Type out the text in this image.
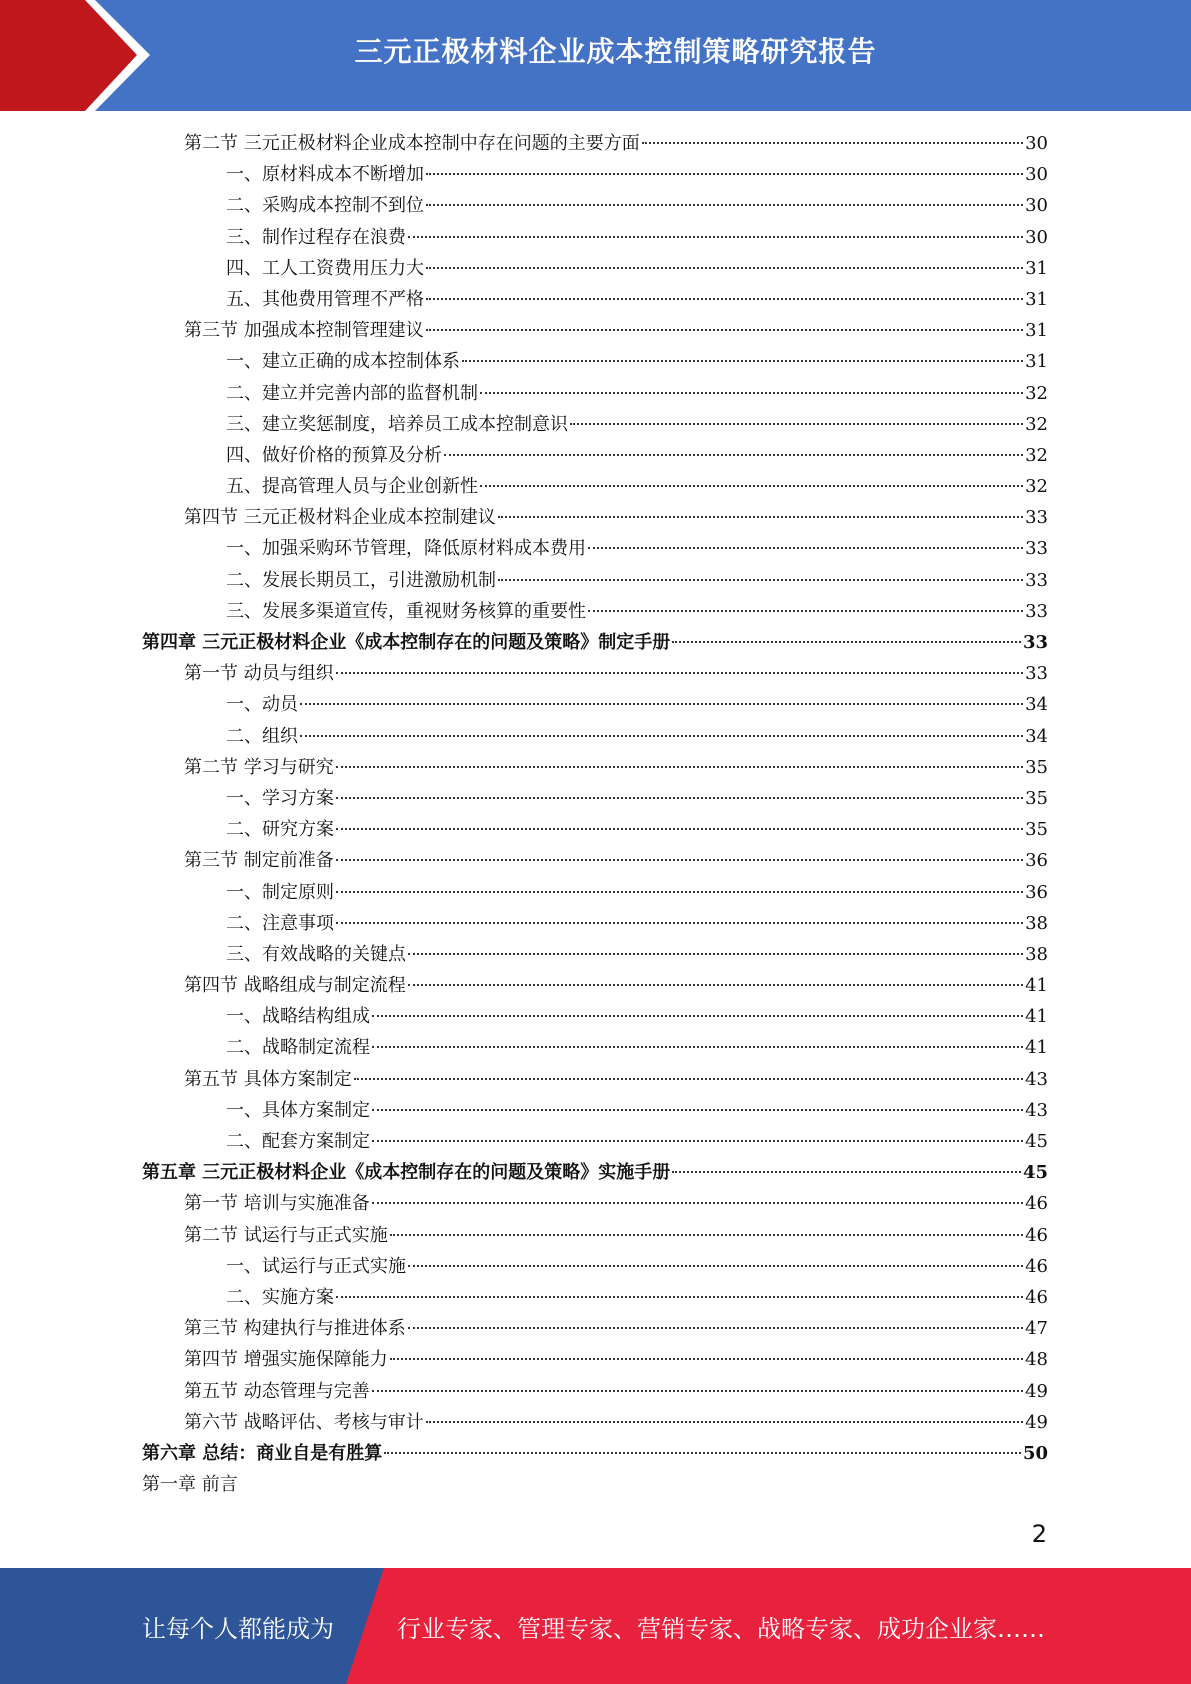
三元正极材料企业成本控制策略研究报告
第二节 三元正极材料企业成本控制中存在问题的主要方面	30
一、原材料成本不断增加	30
二、采购成本控制不到位	30
三、制作过程存在浪费	30
四、工人工资费用压力大	31
五、其他费用管理不严格	31
第三节 加强成本控制管理建议	31
一、建立正确的成本控制体系	31
二、建立并完善内部的监督机制	32
三、建立奖惩制度，培养员工成本控制意识	32
四、做好价格的预算及分析	32
五、提高管理人员与企业创新性	32
第四节 三元正极材料企业成本控制建议	33
一、加强采购环节管理，降低原材料成本费用	33
二、发展长期员工，引进激励机制	33
三、发展多渠道宣传，重视财务核算的重要性	33
第四章 三元正极材料企业《成本控制存在的问题及策略》制定手册	33
第一节 动员与组织	33
一、动员	34
二、组织	34
第二节 学习与研究	35
一、学习方案	35
二、研究方案	35
第三节 制定前准备	36
一、制定原则	36
二、注意事项	38
三、有效战略的关键点	38
第四节 战略组成与制定流程	41
一、战略结构组成	41
二、战略制定流程	41
第五节 具体方案制定	43
一、具体方案制定	43
二、配套方案制定	45
第五章 三元正极材料企业《成本控制存在的问题及策略》实施手册	45
第一节 培训与实施准备	46
第二节 试运行与正式实施	46
一、试运行与正式实施	46
二、实施方案	46
第三节 构建执行与推进体系	47
第四节 增强实施保障能力	48
第五节 动态管理与完善	49
第六节 战略评估、考核与审计	49
第六章 总结：商业自是有胜算	50
第一章 前言
2
让每个人都能成为	行业专家、管理专家、营销专家、战略专家、成功企业家……
